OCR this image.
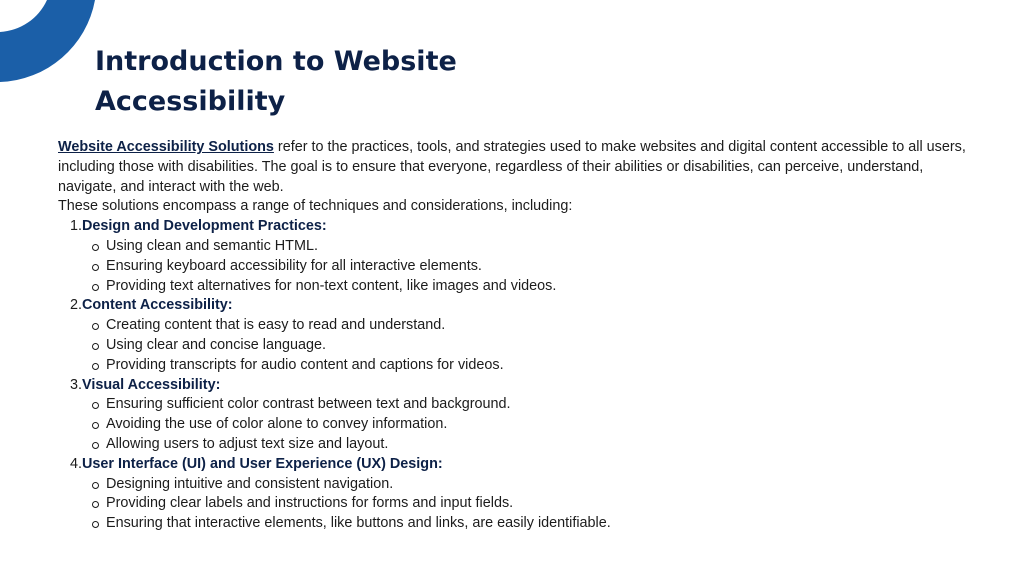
Introduction to Website Accessibility

Website Accessibility Solutions refer to the practices, tools, and strategies used to make websites and digital content accessible to all users, including those with disabilities. The goal is to ensure that everyone, regardless of their abilities or disabilities, can perceive, understand, navigate, and interact with the web.

These solutions encompass a range of techniques and considerations, including:

Design and Development Practices:
Using clean and semantic HTML.
Ensuring keyboard accessibility for all interactive elements.
Providing text alternatives for non-text content, like images and videos.
Content Accessibility:
Creating content that is easy to read and understand.
Using clear and concise language.
Providing transcripts for audio content and captions for videos.
Visual Accessibility:
Ensuring sufficient color contrast between text and background.
Avoiding the use of color alone to convey information.
Allowing users to adjust text size and layout.
User Interface (UI) and User Experience (UX) Design:
Designing intuitive and consistent navigation.
Providing clear labels and instructions for forms and input fields.
Ensuring that interactive elements, like buttons and links, are easily identifiable.
